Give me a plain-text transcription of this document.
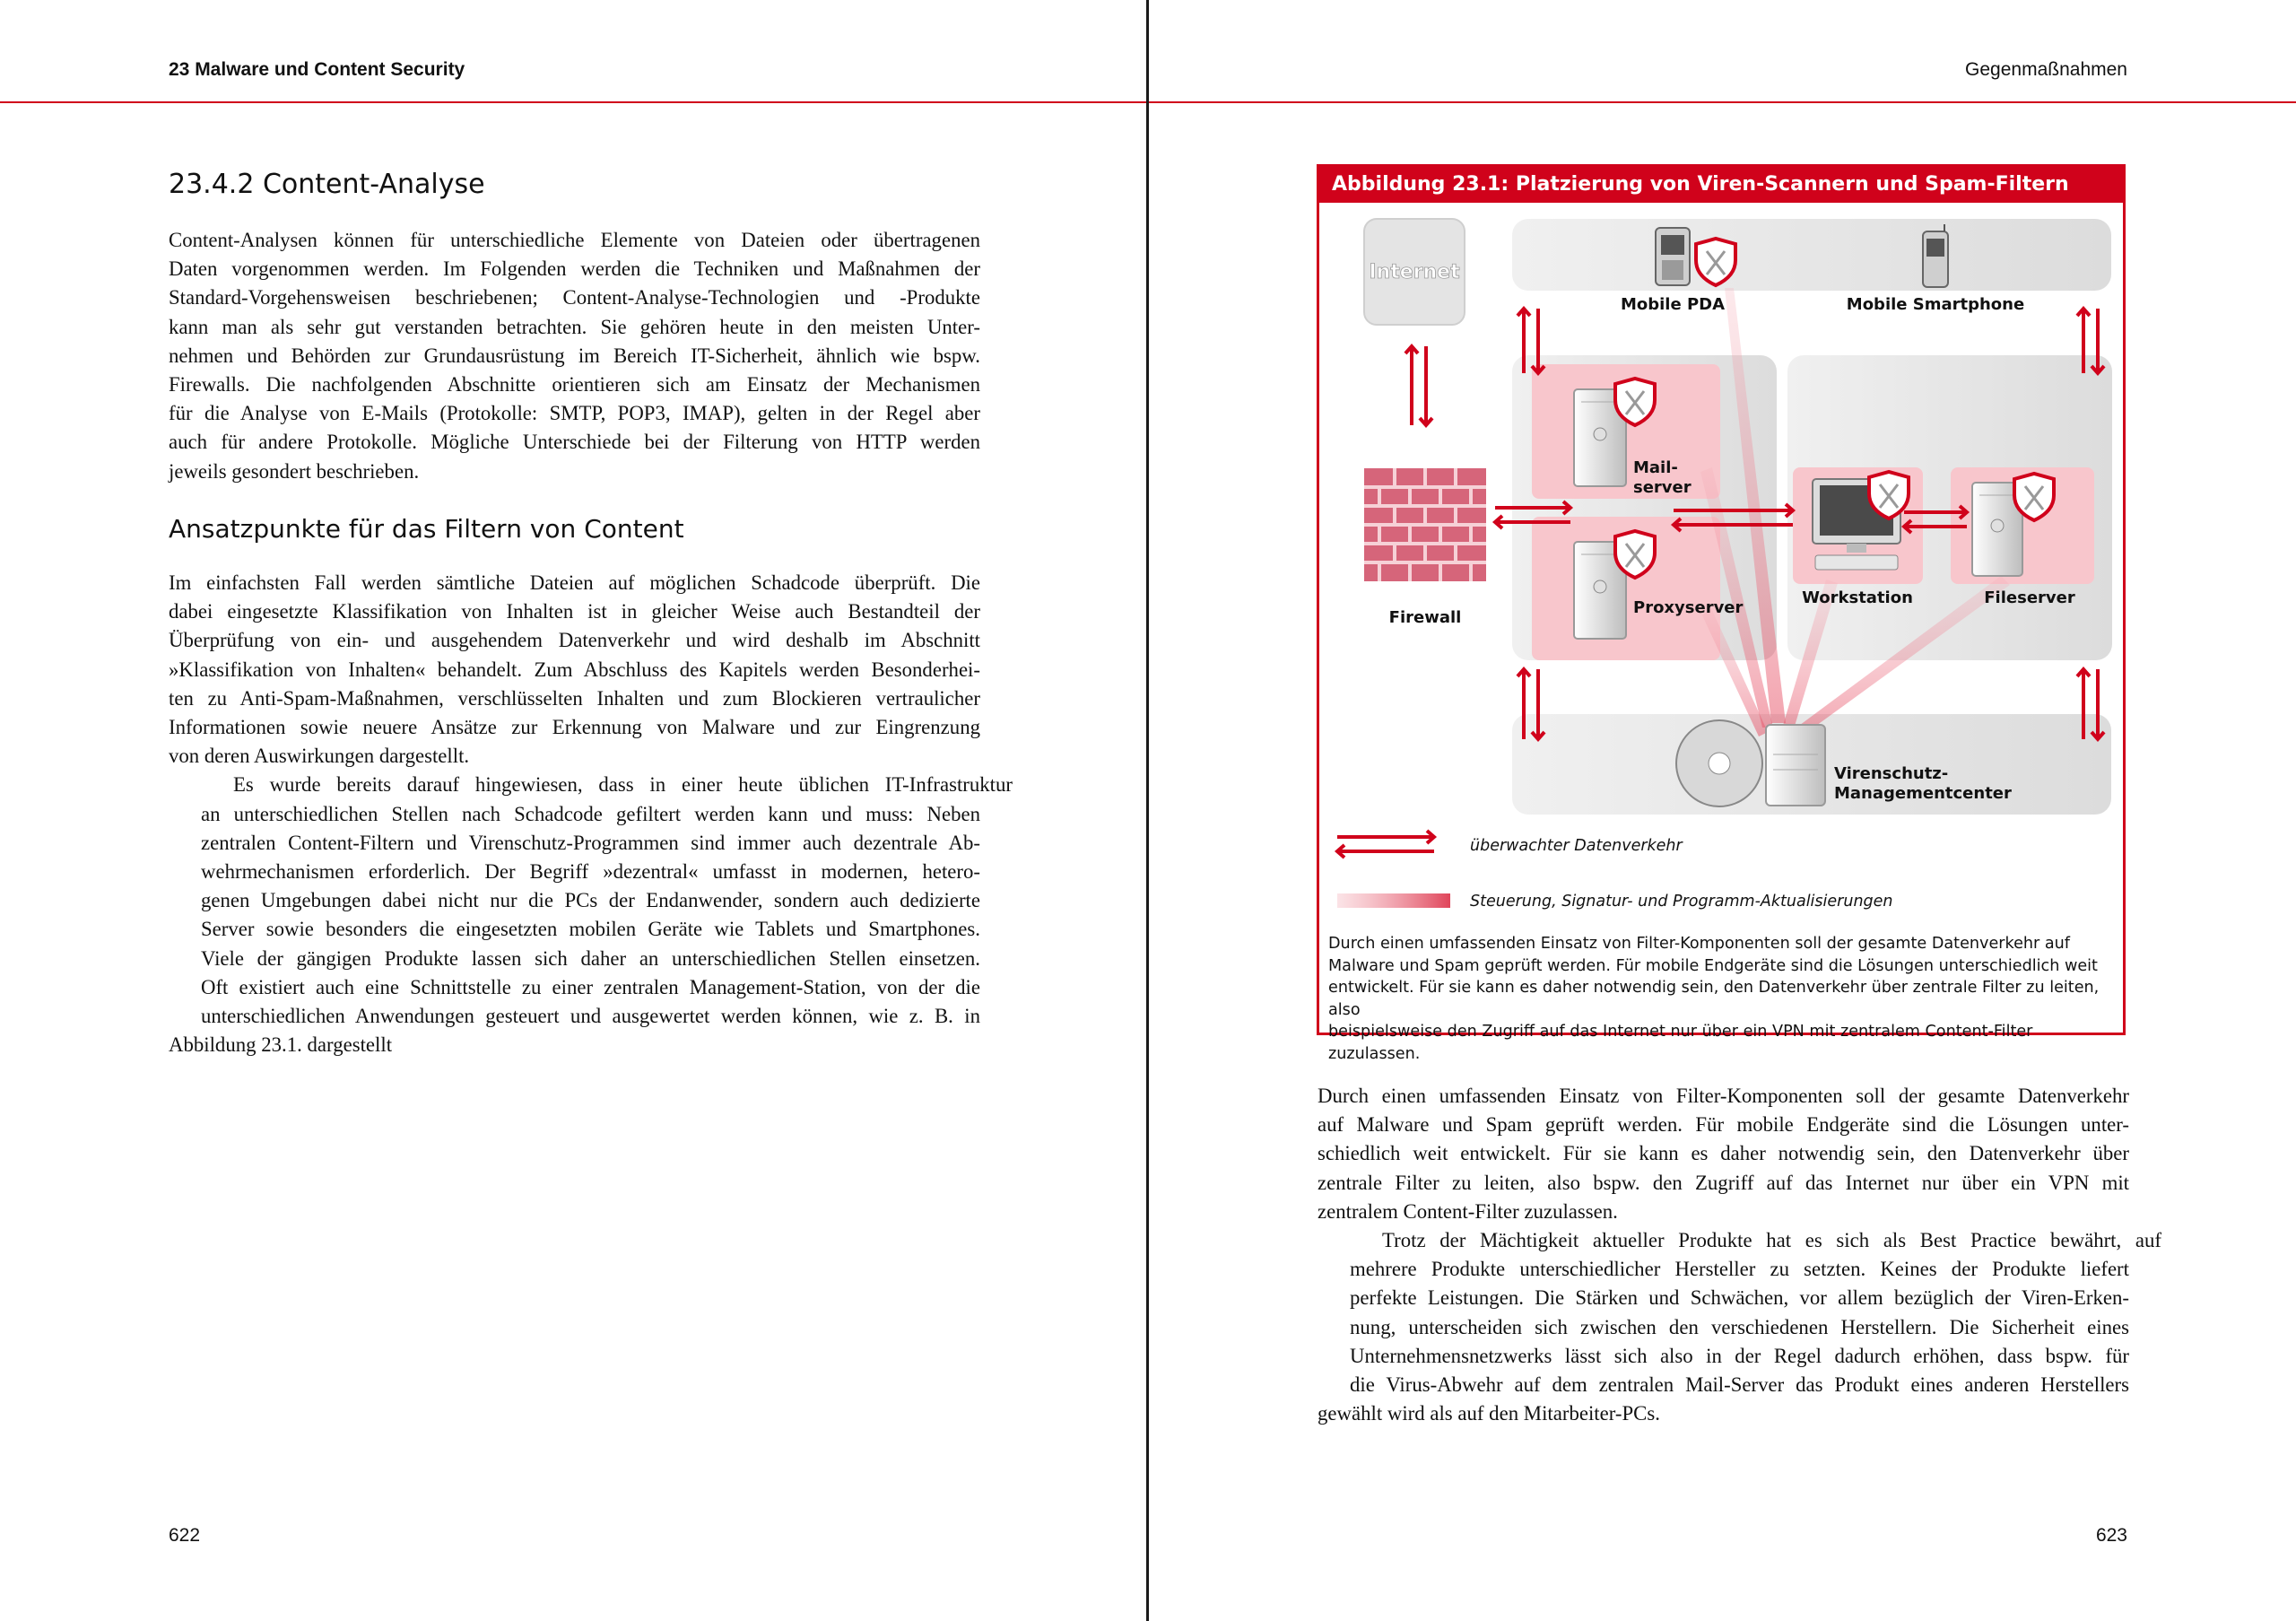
23 Malware und Content Security
23.4.2 Content-Analyse

Content-Analysen können für unterschiedliche Elemente von Dateien oder übertragenen
Daten vorgenommen werden. Im Folgenden werden die Techniken und Maßnahmen der
Standard-Vorgehensweisen beschriebenen; Content-Analyse-Technologien und -Produkte
kann man als sehr gut verstanden betrachten. Sie gehören heute in den meisten Unter-
nehmen und Behörden zur Grundausrüstung im Bereich IT-Sicherheit, ähnlich wie bspw.
Firewalls. Die nachfolgenden Abschnitte orientieren sich am Einsatz der Mechanismen
für die Analyse von E-Mails (Protokolle: SMTP, POP3, IMAP), gelten in der Regel aber
auch für andere Protokolle. Mögliche Unterschiede bei der Filterung von HTTP werden
jeweils gesondert beschrieben.

Ansatzpunkte für das Filtern von Content

Im einfachsten Fall werden sämtliche Dateien auf möglichen Schadcode überprüft. Die
dabei eingesetzte Klassifikation von Inhalten ist in gleicher Weise auch Bestandteil der
Überprüfung von ein- und ausgehendem Datenverkehr und wird deshalb im Abschnitt
»Klassifikation von Inhalten« behandelt. Zum Abschluss des Kapitels werden Besonderhei-
ten zu Anti-Spam-Maßnahmen, verschlüsselten Inhalten und zum Blockieren vertraulicher
Informationen sowie neuere Ansätze zur Erkennung von Malware und zur Eingrenzung
von deren Auswirkungen dargestellt.

Es wurde bereits darauf hingewiesen, dass in einer heute üblichen IT-Infrastruktur
an unterschiedlichen Stellen nach Schadcode gefiltert werden kann und muss: Neben
zentralen Content-Filtern und Virenschutz-Programmen sind immer auch dezentrale Ab-
wehrmechanismen erforderlich. Der Begriff »dezentral« umfasst in modernen, hetero-
genen Umgebungen dabei nicht nur die PCs der Endanwender, sondern auch dedizierte
Server sowie besonders die eingesetzten mobilen Geräte wie Tablets und Smartphones.
Viele der gängigen Produkte lassen sich daher an unterschiedlichen Stellen einsetzen.
Oft existiert auch eine Schnittstelle zu einer zentralen Management-Station, von der die
unterschiedlichen Anwendungen gesteuert und ausgewertet werden können, wie z. B. in
Abbildung 23.1. dargestellt

622
Gegenmaßnahmen
Abbildung 23.1: Platzierung von Viren-Scannern und Spam-Filtern
Internet
Mobile PDA	Mobile Smartphone
Mail-
server
Proxyserver
Firewall
Workstation	Fileserver
Virenschutz-
Managementcenter
überwachter Datenverkehr
Steuerung, Signatur- und Programm-Aktualisierungen

Durch einen umfassenden Einsatz von Filter-Komponenten soll der gesamte Datenverkehr auf
Malware und Spam geprüft werden. Für mobile Endgeräte sind die Lösungen unterschiedlich weit
entwickelt. Für sie kann es daher notwendig sein, den Datenverkehr über zentrale Filter zu leiten, also
beispielsweise den Zugriff auf das Internet nur über ein VPN mit zentralem Content-Filter zuzulassen.

Durch einen umfassenden Einsatz von Filter-Komponenten soll der gesamte Datenverkehr
auf Malware und Spam geprüft werden. Für mobile Endgeräte sind die Lösungen unter-
schiedlich weit entwickelt. Für sie kann es daher notwendig sein, den Datenverkehr über
zentrale Filter zu leiten, also bspw. den Zugriff auf das Internet nur über ein VPN mit
zentralem Content-Filter zuzulassen.

Trotz der Mächtigkeit aktueller Produkte hat es sich als Best Practice bewährt, auf
mehrere Produkte unterschiedlicher Hersteller zu setzten. Keines der Produkte liefert
perfekte Leistungen. Die Stärken und Schwächen, vor allem bezüglich der Viren-Erken-
nung, unterscheiden sich zwischen den verschiedenen Herstellern. Die Sicherheit eines
Unternehmensnetzwerks lässt sich also in der Regel dadurch erhöhen, dass bspw. für
die Virus-Abwehr auf dem zentralen Mail-Server das Produkt eines anderen Herstellers
gewählt wird als auf den Mitarbeiter-PCs.

623
